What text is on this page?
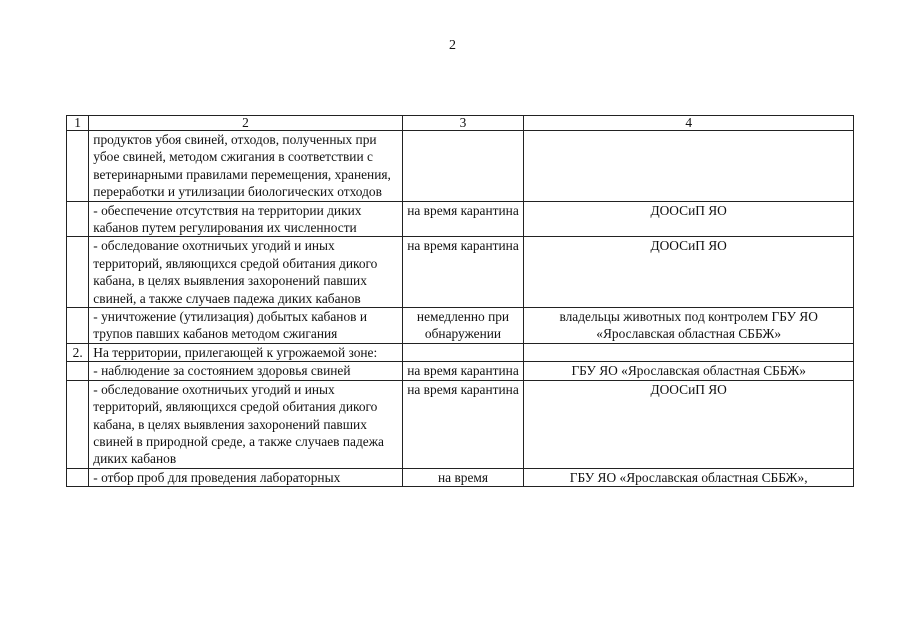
2
1	2	3	4
	продуктов убоя свиней, отходов, полученных при убое свиней, методом сжигания в соответствии с ветеринарными правилами перемещения, хранения, переработки и утилизации биологических отходов		
	- обеспечение отсутствия на территории диких кабанов путем регулирования их численности	на время карантина	ДООСиП ЯО
	- обследование охотничьих угодий и иных территорий, являющихся средой обитания дикого кабана, в целях выявления захоронений павших свиней, а также случаев падежа диких кабанов	на время карантина	ДООСиП ЯО
	- уничтожение (утилизация) добытых кабанов и трупов павших кабанов методом сжигания	немедленно при обнаружении	владельцы животных под контролем ГБУ ЯО «Ярославская областная СББЖ»
2.	На территории, прилегающей к угрожаемой зоне:		
	- наблюдение за состоянием здоровья свиней	на время карантина	ГБУ ЯО «Ярославская областная СББЖ»
	- обследование охотничьих угодий и иных территорий, являющихся средой обитания дикого кабана, в целях выявления захоронений павших свиней в природной среде, а также случаев падежа диких кабанов	на время карантина	ДООСиП ЯО
	- отбор проб для проведения лабораторных	на время	ГБУ ЯО «Ярославская областная СББЖ»,
